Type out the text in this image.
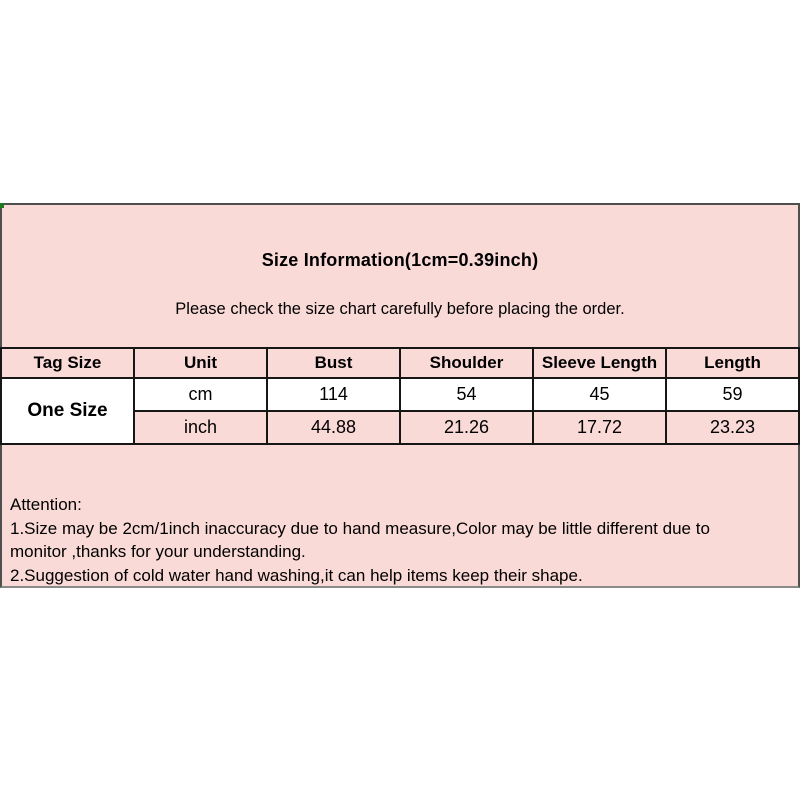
Size Information(1cm=0.39inch)

Please check the size chart carefully before placing the order.

Tag Size	Unit	Bust	Shoulder	Sleeve Length	Length
One Size	cm	114	54	45	59
	inch	44.88	21.26	17.72	23.23
Attention:
1.Size may be 2cm/1inch inaccuracy due to hand measure,Color may be little different due to
monitor ,thanks for your understanding.
2.Suggestion of cold water hand washing,it can help items keep their shape.
